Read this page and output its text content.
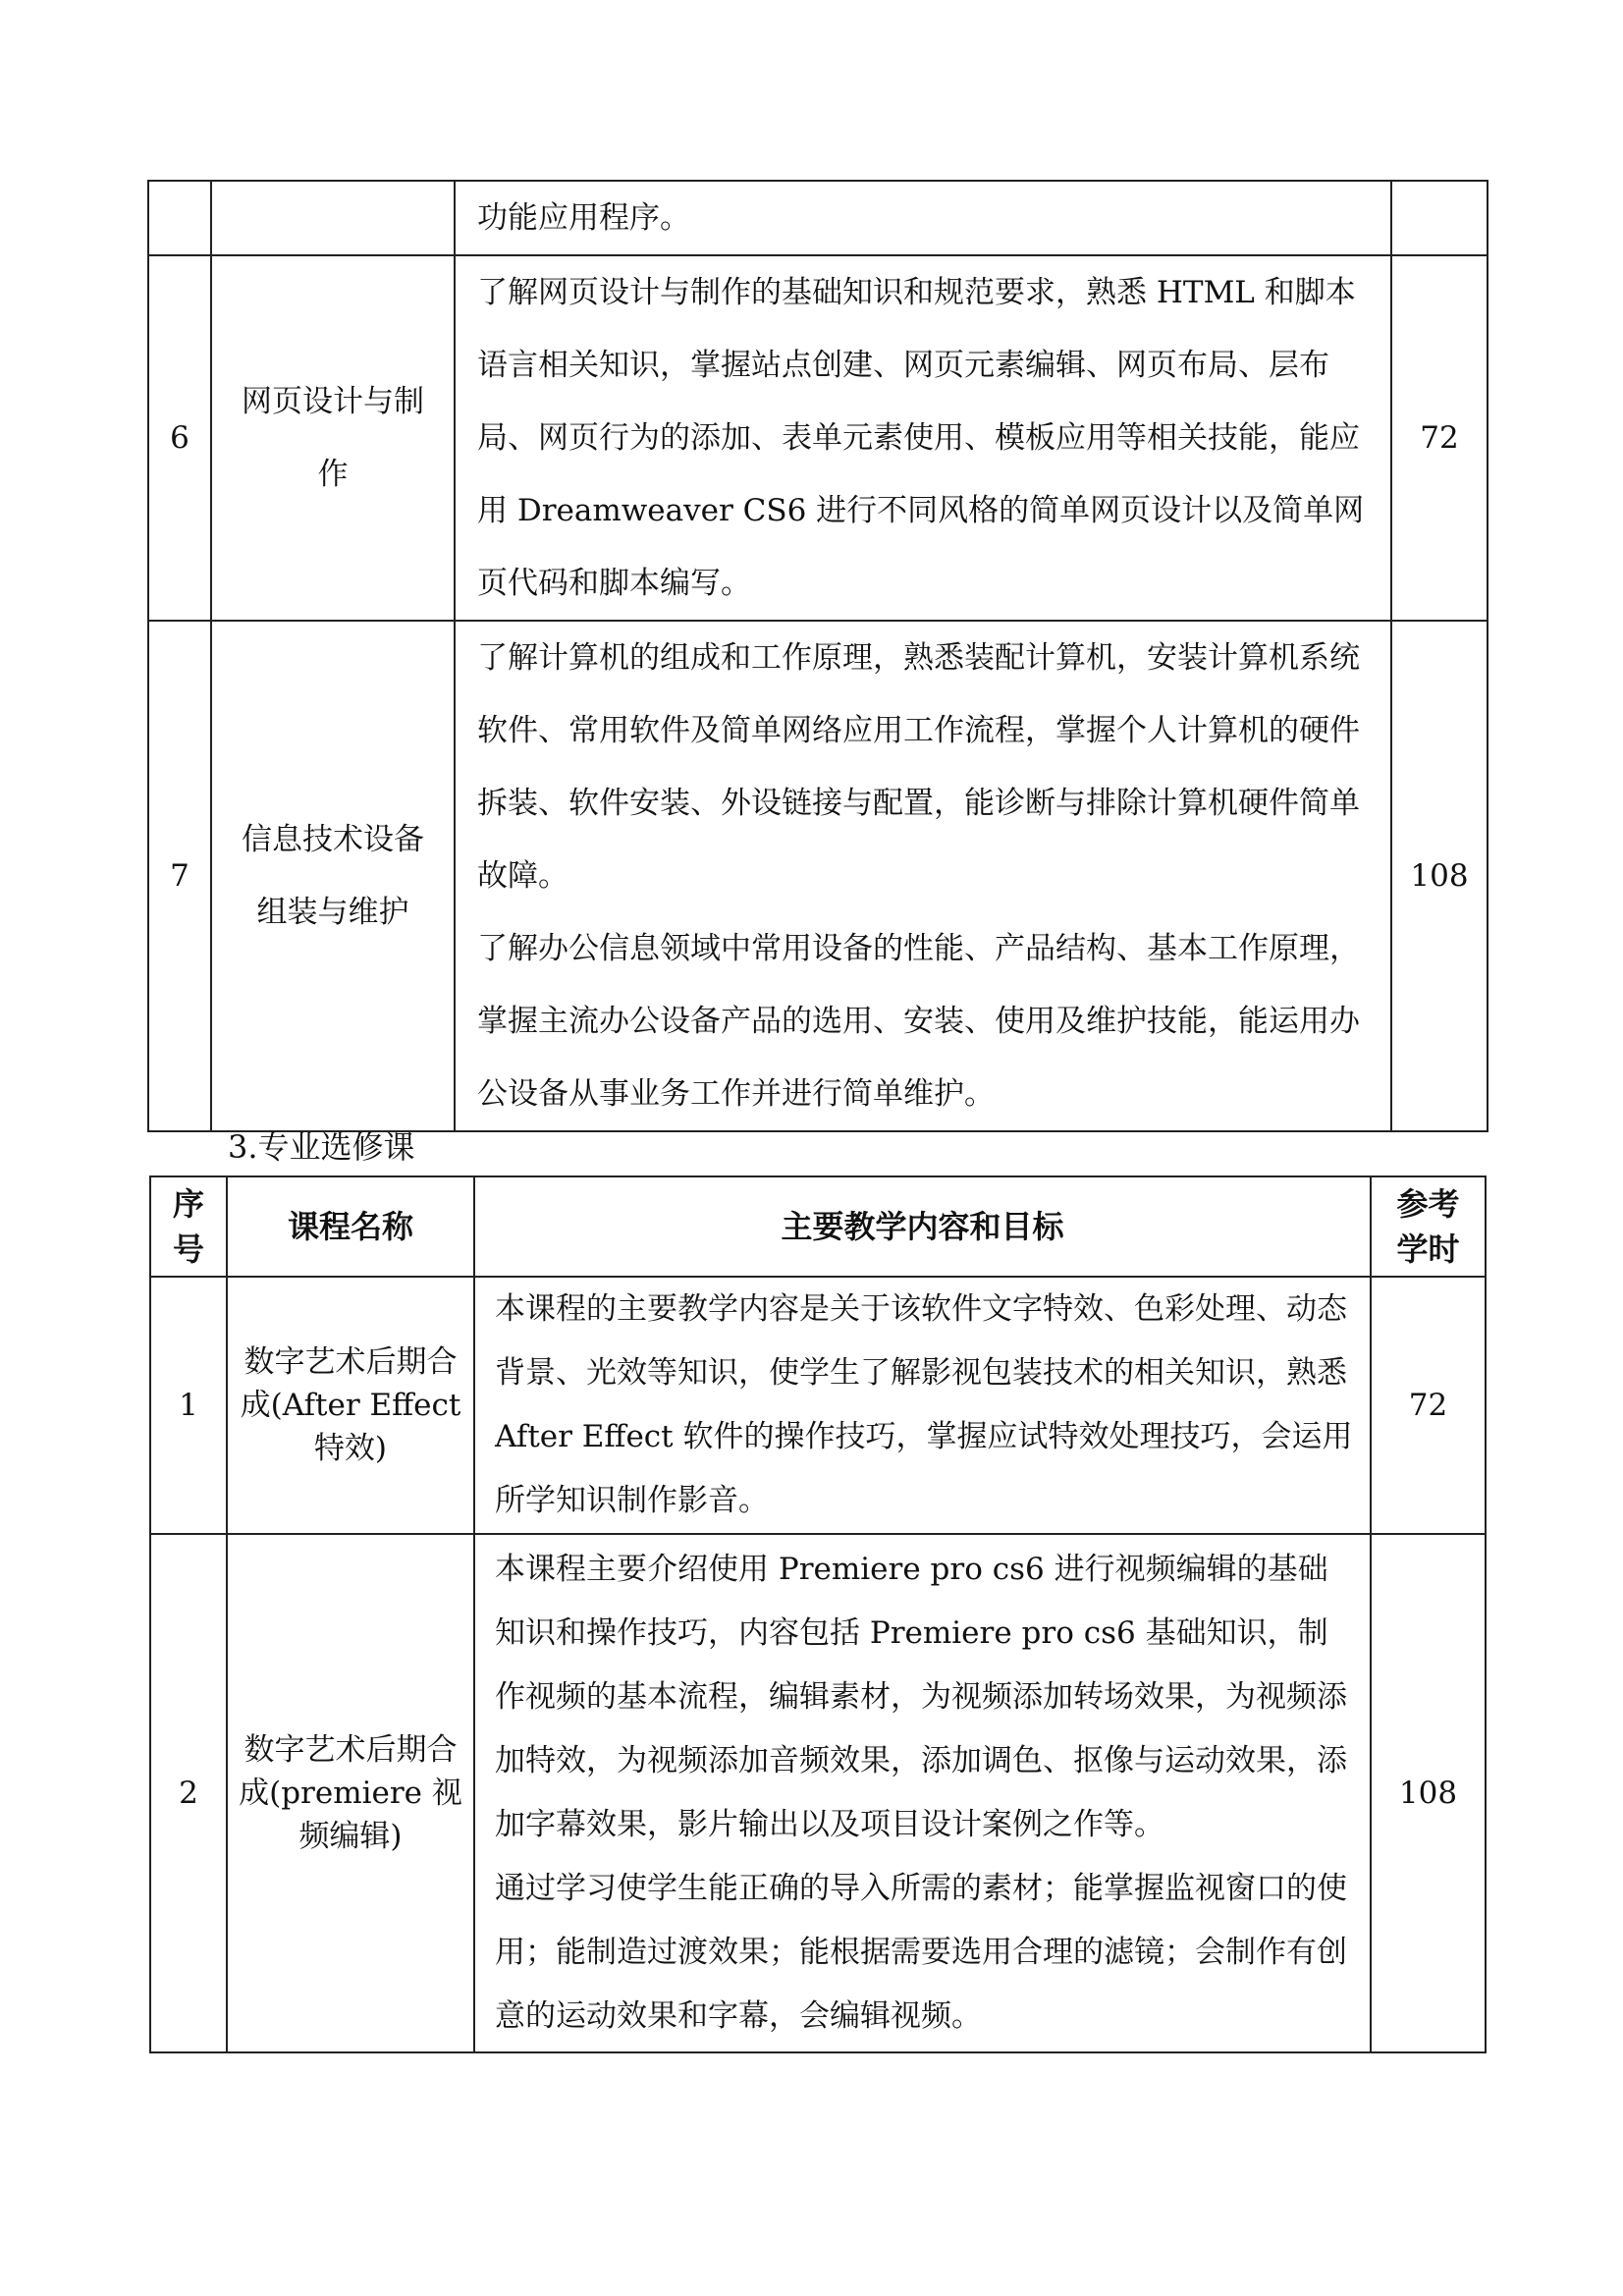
		功能应用程序。	

6	网页设计与制作	了解网页设计与制作的基础知识和规范要求，熟悉 HTML 和脚本语言相关知识，掌握站点创建、网页元素编辑、网页布局、层布局、网页行为的添加、表单元素使用、模板应用等相关技能，能应用 Dreamweaver CS6 进行不同风格的简单网页设计以及简单网页代码和脚本编写。	72
7	信息技术设备组装与维护	了解计算机的组成和工作原理，熟悉装配计算机，安装计算机系统软件、常用软件及简单网络应用工作流程，掌握个人计算机的硬件拆装、软件安装、外设链接与配置，能诊断与排除计算机硬件简单故障。
了解办公信息领域中常用设备的性能、产品结构、基本工作原理，掌握主流办公设备产品的选用、安装、使用及维护技能，能运用办公设备从事业务工作并进行简单维护。	108
3.专业选修课
序号	课程名称	主要教学内容和目标	参考学时
1	数字艺术后期合成(After Effect 特效)	本课程的主要教学内容是关于该软件文字特效、色彩处理、动态背景、光效等知识，使学生了解影视包装技术的相关知识，熟悉 After Effect 软件的操作技巧，掌握应试特效处理技巧，会运用所学知识制作影音。	72
2	数字艺术后期合成(premiere 视频编辑)	本课程主要介绍使用 Premiere pro cs6 进行视频编辑的基础知识和操作技巧，内容包括 Premiere pro cs6 基础知识，制作视频的基本流程，编辑素材，为视频添加转场效果，为视频添加特效，为视频添加音频效果，添加调色、抠像与运动效果，添加字幕效果，影片输出以及项目设计案例之作等。
通过学习使学生能正确的导入所需的素材；能掌握监视窗口的使用；能制造过渡效果；能根据需要选用合理的滤镜；会制作有创意的运动效果和字幕，会编辑视频。	108
